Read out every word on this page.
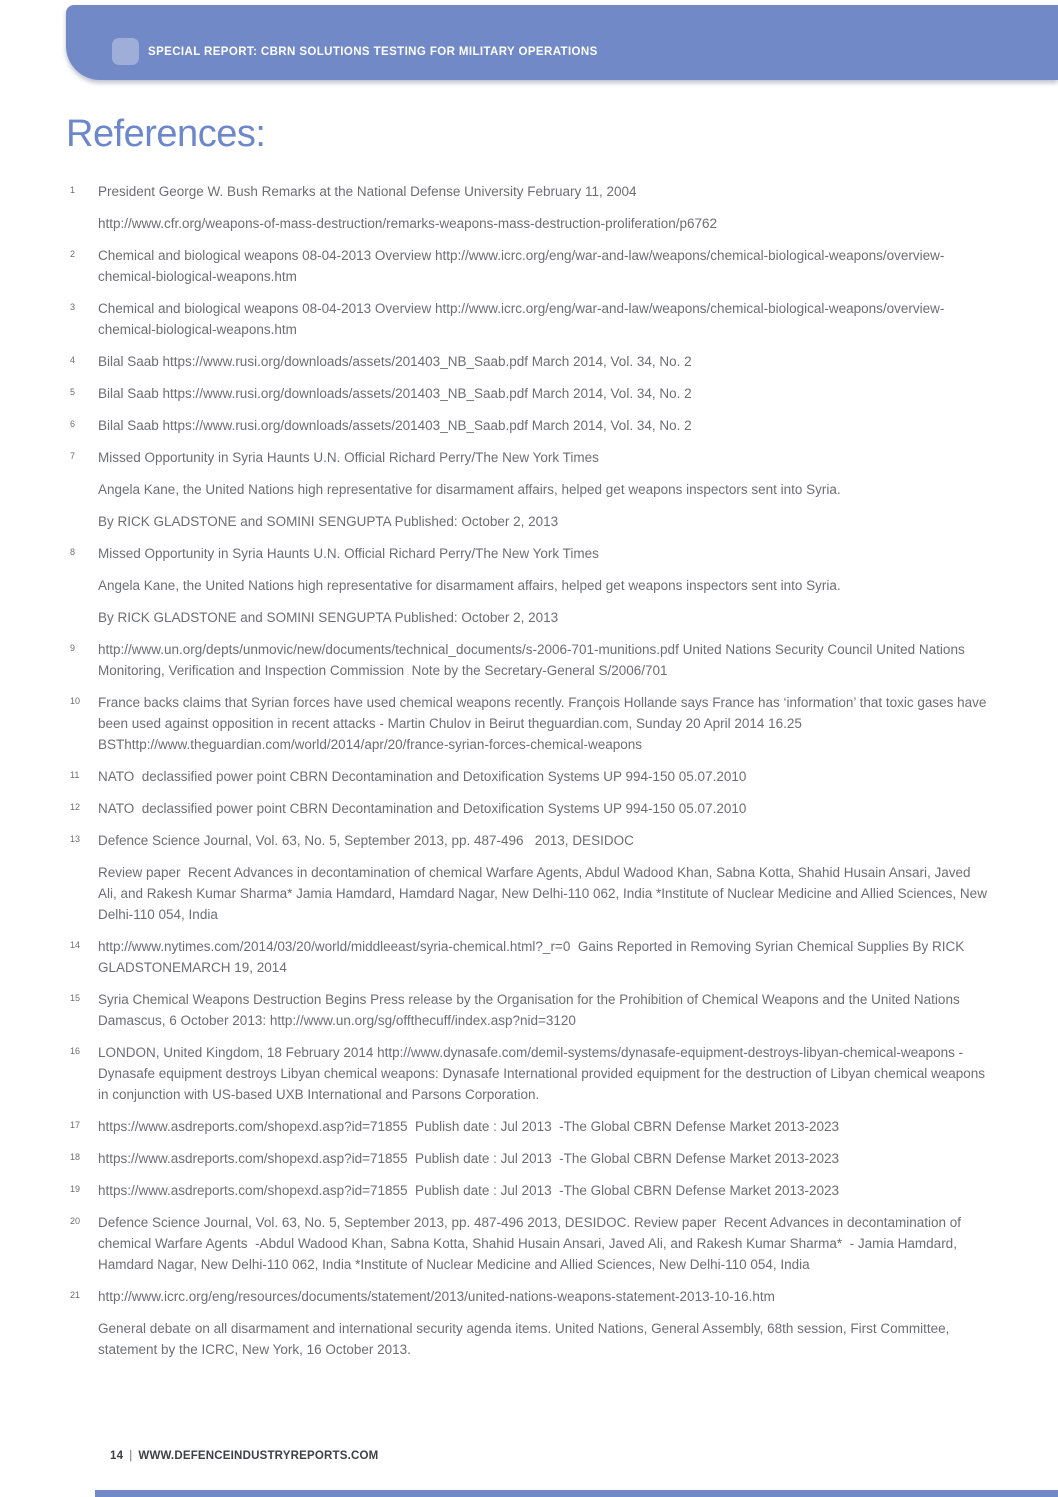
SPECIAL REPORT: CBRN SOLUTIONS TESTING FOR MILITARY OPERATIONS
References:
1	President George W. Bush Remarks at the National Defense University February 11, 2004

http://www.cfr.org/weapons-of-mass-destruction/remarks-weapons-mass-destruction-proliferation/p6762

2	Chemical and biological weapons 08-04-2013 Overview http://www.icrc.org/eng/war-and-law/weapons/chemical-biological-weapons/overview-chemical-biological-weapons.htm

3	Chemical and biological weapons 08-04-2013 Overview http://www.icrc.org/eng/war-and-law/weapons/chemical-biological-weapons/overview-chemical-biological-weapons.htm

4	Bilal Saab https://www.rusi.org/downloads/assets/201403_NB_Saab.pdf March 2014, Vol. 34, No. 2

5	Bilal Saab https://www.rusi.org/downloads/assets/201403_NB_Saab.pdf March 2014, Vol. 34, No. 2

6	Bilal Saab https://www.rusi.org/downloads/assets/201403_NB_Saab.pdf March 2014, Vol. 34, No. 2

7	Missed Opportunity in Syria Haunts U.N. Official Richard Perry/The New York Times

Angela Kane, the United Nations high representative for disarmament affairs, helped get weapons inspectors sent into Syria.

By RICK GLADSTONE and SOMINI SENGUPTA Published: October 2, 2013

8	Missed Opportunity in Syria Haunts U.N. Official Richard Perry/The New York Times

Angela Kane, the United Nations high representative for disarmament affairs, helped get weapons inspectors sent into Syria.

By RICK GLADSTONE and SOMINI SENGUPTA Published: October 2, 2013

9	http://www.un.org/depts/unmovic/new/documents/technical_documents/s-2006-701-munitions.pdf United Nations Security Council United Nations Monitoring, Verification and Inspection Commission  Note by the Secretary-General S/2006/701

10	France backs claims that Syrian forces have used chemical weapons recently. François Hollande says France has ‘information’ that toxic gases have been used against opposition in recent attacks - Martin Chulov in Beirut theguardian.com, Sunday 20 April 2014 16.25 BSThttp://www.theguardian.com/world/2014/apr/20/france-syrian-forces-chemical-weapons

11	NATO  declassified power point CBRN Decontamination and Detoxification Systems UP 994-150 05.07.2010

12	NATO  declassified power point CBRN Decontamination and Detoxification Systems UP 994-150 05.07.2010

13	Defence Science Journal, Vol. 63, No. 5, September 2013, pp. 487-496   2013, DESIDOC

Review paper  Recent Advances in decontamination of chemical Warfare Agents, Abdul Wadood Khan, Sabna Kotta, Shahid Husain Ansari, Javed Ali, and Rakesh Kumar Sharma* Jamia Hamdard, Hamdard Nagar, New Delhi-110 062, India *Institute of Nuclear Medicine and Allied Sciences, New Delhi-110 054, India

14	http://www.nytimes.com/2014/03/20/world/middleeast/syria-chemical.html?_r=0  Gains Reported in Removing Syrian Chemical Supplies By RICK GLADSTONEMARCH 19, 2014

15	Syria Chemical Weapons Destruction Begins Press release by the Organisation for the Prohibition of Chemical Weapons and the United Nations  Damascus, 6 October 2013: http://www.un.org/sg/offthecuff/index.asp?nid=3120

16	LONDON, United Kingdom, 18 February 2014 http://www.dynasafe.com/demil-systems/dynasafe-equipment-destroys-libyan-chemical-weapons - Dynasafe equipment destroys Libyan chemical weapons: Dynasafe International provided equipment for the destruction of Libyan chemical weapons in conjunction with US-based UXB International and Parsons Corporation.

17	https://www.asdreports.com/shopexd.asp?id=71855  Publish date : Jul 2013  -The Global CBRN Defense Market 2013-2023

18	https://www.asdreports.com/shopexd.asp?id=71855  Publish date : Jul 2013  -The Global CBRN Defense Market 2013-2023

19	https://www.asdreports.com/shopexd.asp?id=71855  Publish date : Jul 2013  -The Global CBRN Defense Market 2013-2023

20	Defence Science Journal, Vol. 63, No. 5, September 2013, pp. 487-496 2013, DESIDOC. Review paper  Recent Advances in decontamination of chemical Warfare Agents  -Abdul Wadood Khan, Sabna Kotta, Shahid Husain Ansari, Javed Ali, and Rakesh Kumar Sharma*  - Jamia Hamdard, Hamdard Nagar, New Delhi-110 062, India *Institute of Nuclear Medicine and Allied Sciences, New Delhi-110 054, India

21	http://www.icrc.org/eng/resources/documents/statement/2013/united-nations-weapons-statement-2013-10-16.htm

General debate on all disarmament and international security agenda items. United Nations, General Assembly, 68th session, First Committee, statement by the ICRC, New York, 16 October 2013.

14 | WWW.DEFENCEINDUSTRYREPORTS.COM
